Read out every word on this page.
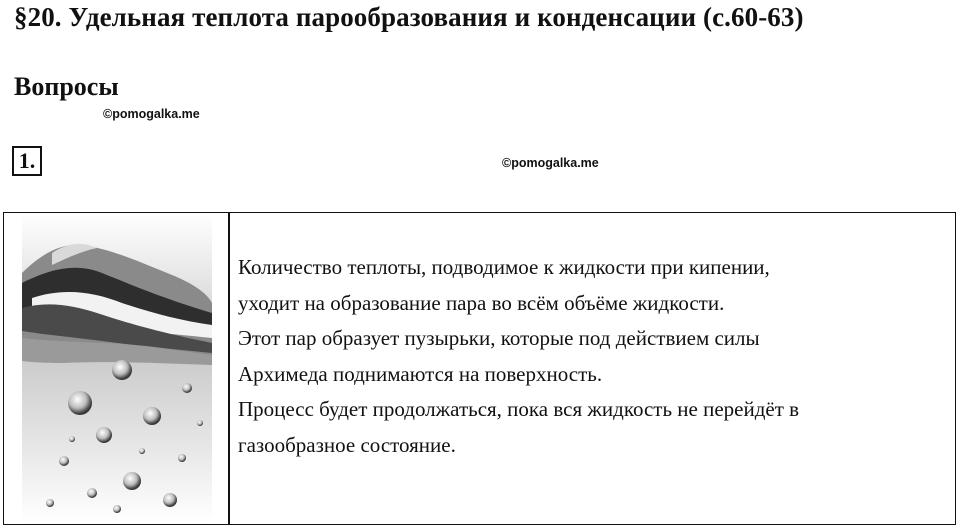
§20. Удельная теплота парообразования и конденсации (с.60-63)
Вопросы
©pomogalka.me
©pomogalka.me
1.
Количество теплоты, подводимое к жидкости при кипении,
уходит на образование пара во всём объёме жидкости.
Этот пар образует пузырьки, которые под действием силы
Архимеда поднимаются на поверхность.
Процесс будет продолжаться, пока вся жидкость не перейдёт в
газообразное состояние.
